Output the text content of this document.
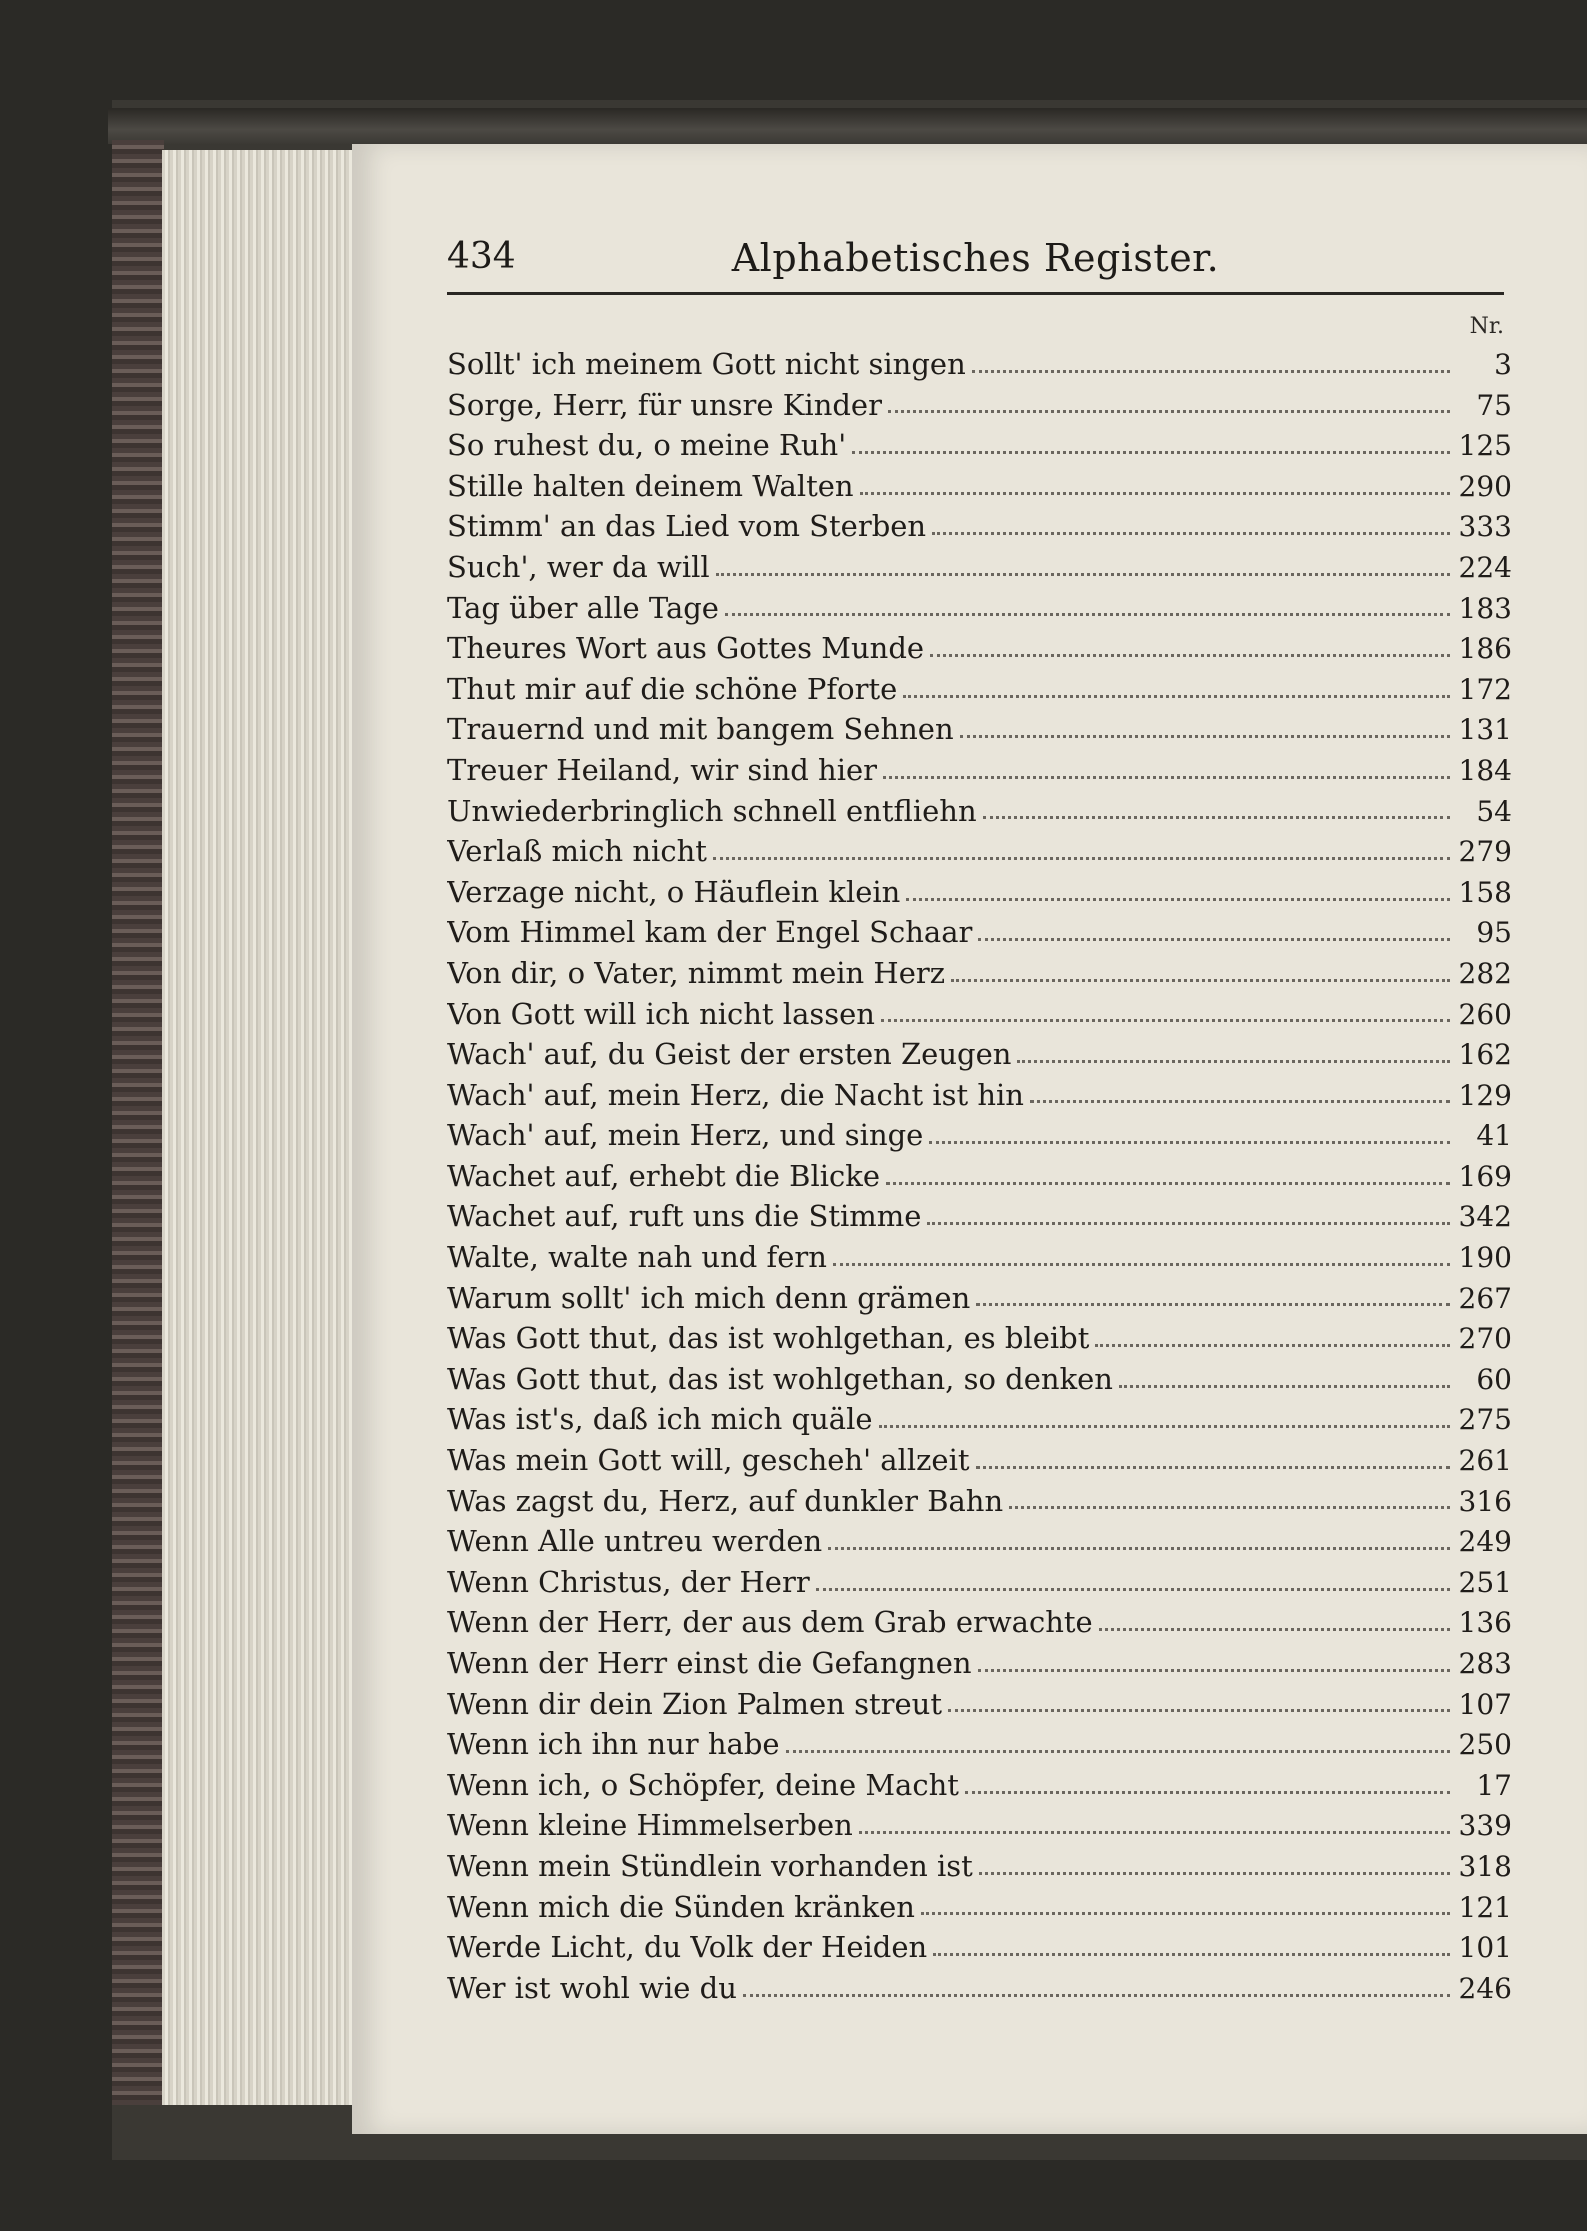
434	Alphabetisches Register.
Nr.
Sollt' ich meinem Gott nicht singen	3
Sorge, Herr, für unsre Kinder	75
So ruhest du, o meine Ruh'	125
Stille halten deinem Walten	290
Stimm' an das Lied vom Sterben	333
Such', wer da will	224
Tag über alle Tage	183
Theures Wort aus Gottes Munde	186
Thut mir auf die schöne Pforte	172
Trauernd und mit bangem Sehnen	131
Treuer Heiland, wir sind hier	184
Unwiederbringlich schnell entfliehn	54
Verlaß mich nicht	279
Verzage nicht, o Häuflein klein	158
Vom Himmel kam der Engel Schaar	95
Von dir, o Vater, nimmt mein Herz	282
Von Gott will ich nicht lassen	260
Wach' auf, du Geist der ersten Zeugen	162
Wach' auf, mein Herz, die Nacht ist hin	129
Wach' auf, mein Herz, und singe	41
Wachet auf, erhebt die Blicke	169
Wachet auf, ruft uns die Stimme	342
Walte, walte nah und fern	190
Warum sollt' ich mich denn grämen	267
Was Gott thut, das ist wohlgethan, es bleibt	270
Was Gott thut, das ist wohlgethan, so denken	60
Was ist's, daß ich mich quäle	275
Was mein Gott will, gescheh' allzeit	261
Was zagst du, Herz, auf dunkler Bahn	316
Wenn Alle untreu werden	249
Wenn Christus, der Herr	251
Wenn der Herr, der aus dem Grab erwachte	136
Wenn der Herr einst die Gefangnen	283
Wenn dir dein Zion Palmen streut	107
Wenn ich ihn nur habe	250
Wenn ich, o Schöpfer, deine Macht	17
Wenn kleine Himmelserben	339
Wenn mein Stündlein vorhanden ist	318
Wenn mich die Sünden kränken	121
Werde Licht, du Volk der Heiden	101
Wer ist wohl wie du	246
